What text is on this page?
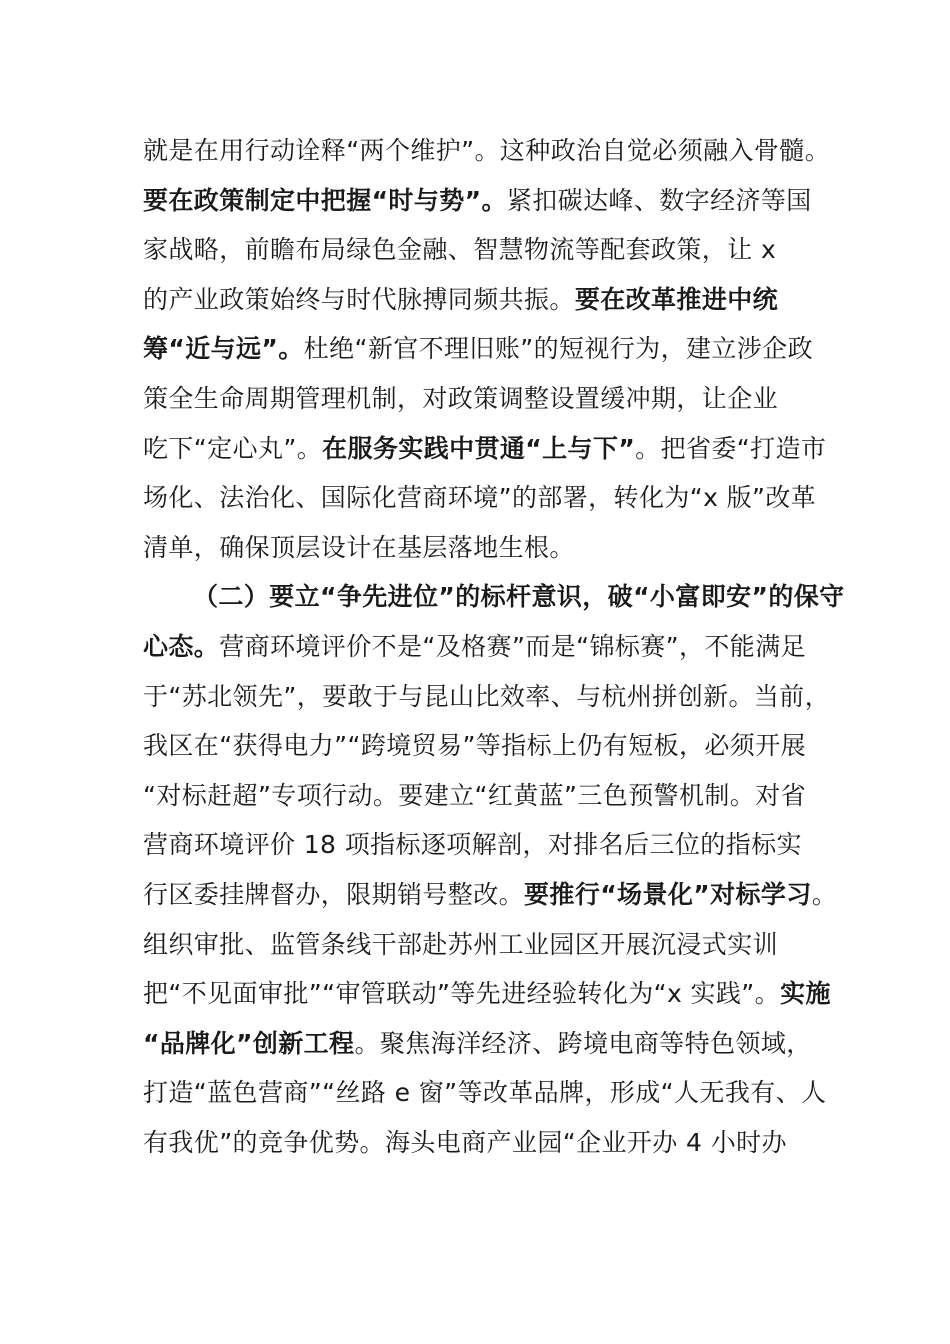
就是在用行动诠释“两个维护”。这种政治自觉必须融入骨髓。
要在政策制定中把握“时与势”。紧扣碳达峰、数字经济等国
家战略，前瞻布局绿色金融、智慧物流等配套政策，让 x
的产业政策始终与时代脉搏同频共振。要在改革推进中统
筹“近与远”。杜绝“新官不理旧账”的短视行为，建立涉企政
策全生命周期管理机制，对政策调整设置缓冲期，让企业
吃下“定心丸”。在服务实践中贯通“上与下”。把省委“打造市
场化、法治化、国际化营商环境”的部署，转化为“x 版”改革
清单，确保顶层设计在基层落地生根。
（二）要立“争先进位”的标杆意识，破“小富即安”的保守
心态。营商环境评价不是“及格赛”而是“锦标赛”，不能满足
于“苏北领先”，要敢于与昆山比效率、与杭州拼创新。当前，
我区在“获得电力”“跨境贸易”等指标上仍有短板，必须开展
“对标赶超”专项行动。要建立“红黄蓝”三色预警机制。对省
营商环境评价 18 项指标逐项解剖，对排名后三位的指标实
行区委挂牌督办，限期销号整改。要推行“场景化”对标学习。
组织审批、监管条线干部赴苏州工业园区开展沉浸式实训
把“不见面审批”“审管联动”等先进经验转化为“x 实践”。实施
“品牌化”创新工程。聚焦海洋经济、跨境电商等特色领域，
打造“蓝色营商”“丝路 e 窗”等改革品牌，形成“人无我有、人
有我优”的竞争优势。海头电商产业园“企业开办 4 小时办
